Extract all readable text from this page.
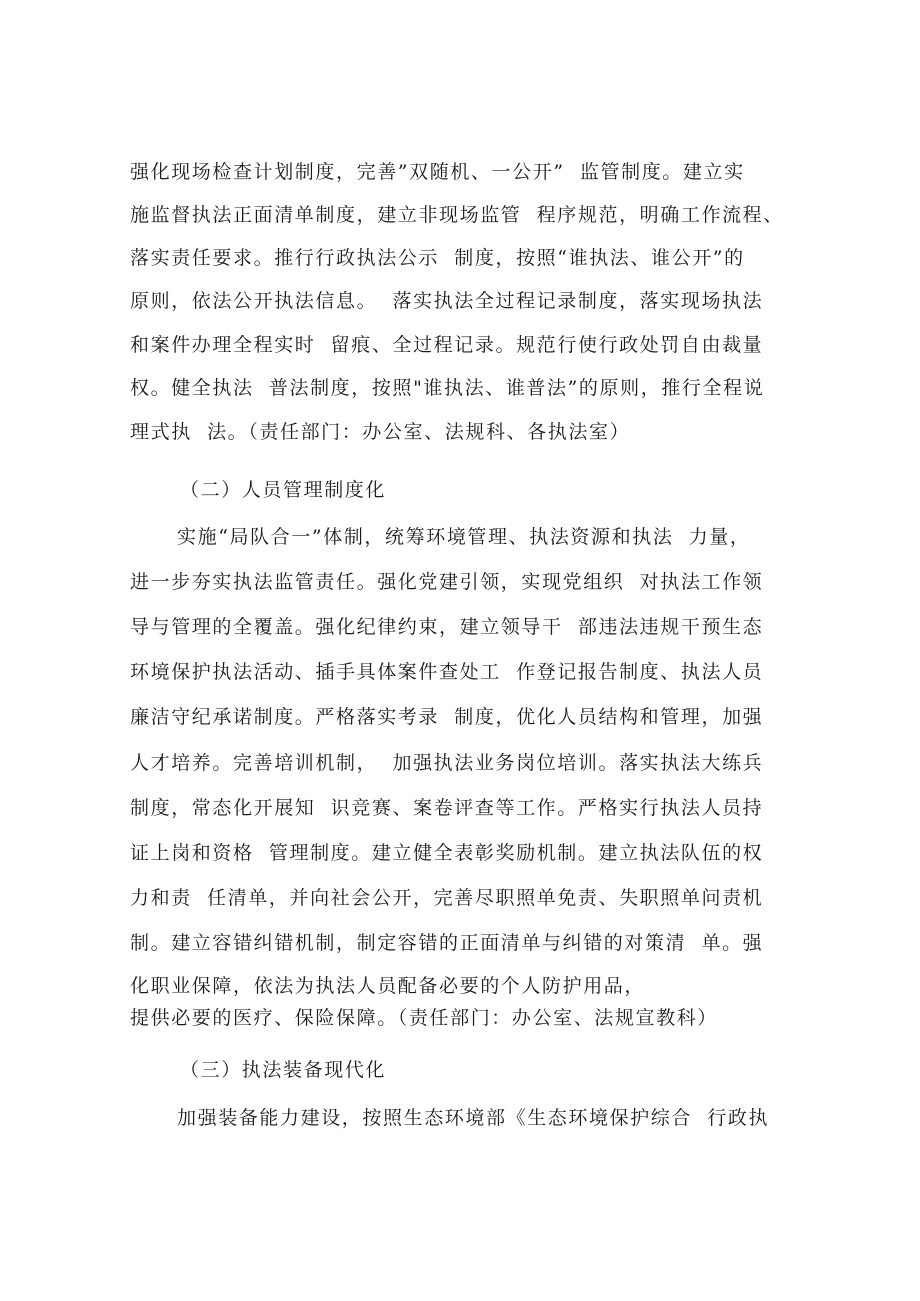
强化现场检查计划制度，完善”双随机、一公开”  监管制度。建立实
施监督执法正面清单制度，建立非现场监管  程序规范，明确工作流程、
落实责任要求。推行行政执法公示  制度，按照“谁执法、谁公开”的
原则，依法公开执法信息。  落实执法全过程记录制度，落实现场执法
和案件办理全程实时  留痕、全过程记录。规范行使行政处罚自由裁量
权。健全执法  普法制度，按照"谁执法、谁普法”的原则，推行全程说
理式执  法。（责任部门：办公室、法规科、各执法室）
（二）人员管理制度化
实施“局队合一”体制，统筹环境管理、执法资源和执法  力量，
进一步夯实执法监管责任。强化党建引领，实现党组织  对执法工作领
导与管理的全覆盖。强化纪律约束，建立领导干  部违法违规干预生态
环境保护执法活动、插手具体案件查处工  作登记报告制度、执法人员
廉洁守纪承诺制度。严格落实考录  制度，优化人员结构和管理，加强
人才培养。完善培训机制，  加强执法业务岗位培训。落实执法大练兵
制度，常态化开展知  识竞赛、案卷评查等工作。严格实行执法人员持
证上岗和资格  管理制度。建立健全表彰奖励机制。建立执法队伍的权
力和责  任清单，并向社会公开，完善尽职照单免责、失职照单问责机
制。建立容错纠错机制，制定容错的正面清单与纠错的对策清  单。强
化职业保障，依法为执法人员配备必要的个人防护用品，
提供必要的医疗、保险保障。（责任部门：办公室、法规宣教科）
（三）执法装备现代化
加强装备能力建设，按照生态环境部《生态环境保护综合  行政执
